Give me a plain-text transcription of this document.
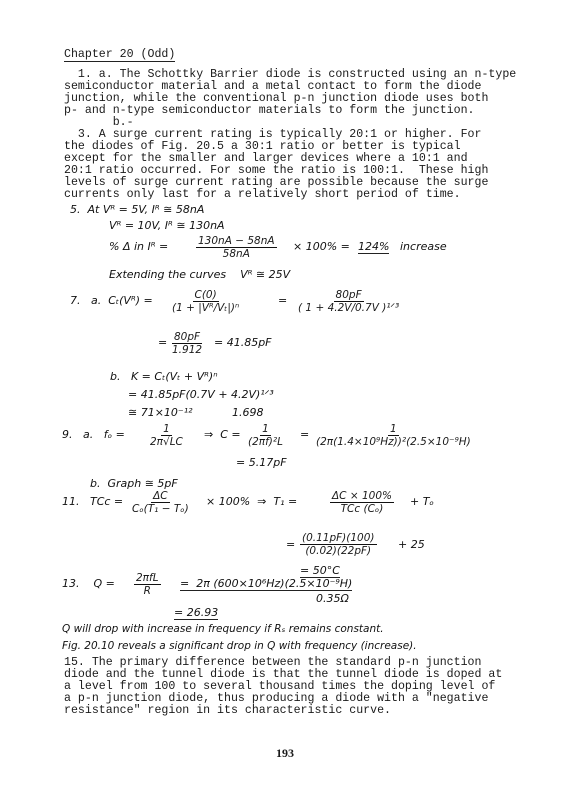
Chapter 20 (Odd)
1. a. The Schottky Barrier diode is constructed using an n-type
semiconductor material and a metal contact to form the diode
junction, while the conventional p-n junction diode uses both
p- and n-type semiconductor materials to form the junction.
b.-
3. A surge current rating is typically 20:1 or higher. For
the diodes of Fig. 20.5 a 30:1 ratio or better is typical
except for the smaller and larger devices where a 10:1 and
20:1 ratio occurred. For some the ratio is 100:1.  These high
levels of surge current rating are possible because the surge
currents only last for a relatively short period of time.
5.  At Vᴿ = 5V, Iᴿ ≅ 58nA
Vᴿ = 10V, Iᴿ ≅ 130nA
% Δ in Iᴿ =	$\frac{130nA - 58nA}{58nA} \times 100\% = 124\%$ increase
Extending the curves    Vᴿ ≅ 25V
7.   a.  Cₜ(Vᴿ) = $\frac{C(0)}{\text{(1 + |Vᴿ/Vₜ|)ⁿ}}$	=	80pF
( 1 + 4.2V/0.7V )¹ᐟ³
= $\frac{80pF}{1.912} = 41.85pF$
b.   K = Cₜ(Vₜ + Vᴿ)ⁿ
= 41.85pF(0.7V + 4.2V)¹ᐟ³
≅ 71×10⁻¹²	1.698
9.   a.   $f_o = \frac{1}{2\pi√LC}$ ⇒  $C = \frac{1}{\text{(2πf)²L}} = \frac{1}{\text{(2π(1.4×10⁹Hz))²(2.5×10⁻⁹H)}}$
= 5.17pF
b.  Graph ≅ 5pF
11.   TCᴄ = $\frac{\Delta C}{\text{Cₒ(T₁ − Tₒ)}} \times 100\%$  ⇒  T₁ =	ΔC × 100%
TCᴄ (Cₒ)
+ Tₒ
= $\frac{(0.11pF)(100)}{(0.02)(22pF)} + 25$
= 50°C
13.    Q = 2πfL
R
=  2π (600×10⁶Hz)(2.5×10⁻⁹H)
0.35Ω
= 26.93
Q will drop with increase in frequency if Rₛ remains constant.
Fig. 20.10 reveals a significant drop in Q with frequency (increase).
15. The primary difference between the standard p-n junction
diode and the tunnel diode is that the tunnel diode is doped at
a level from 100 to several thousand times the doping level of
a p-n junction diode, thus producing a diode with a "negative
resistance" region in its characteristic curve.
193
